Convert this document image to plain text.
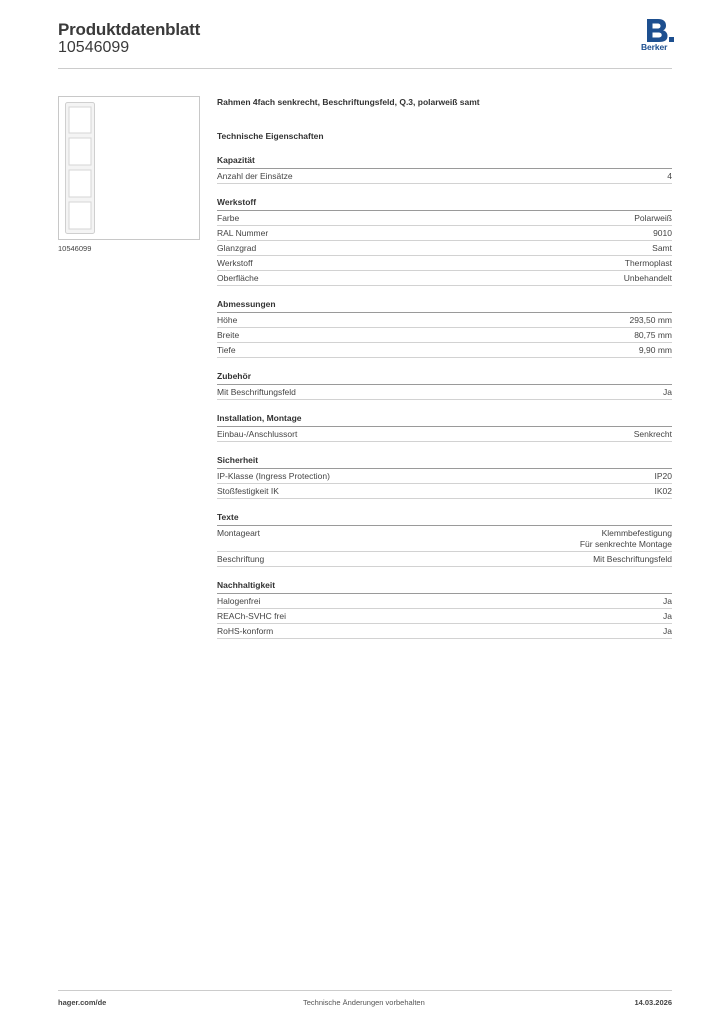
Produktdatenblatt
10546099	Berker
10546099
Rahmen 4fach senkrecht, Beschriftungsfeld, Q.3, polarweiß samt
Technische Eigenschaften
Kapazität
Anzahl der Einsätze	4
Werkstoff
Farbe	Polarweiß
RAL Nummer	9010
Glanzgrad	Samt
Werkstoff	Thermoplast
Oberfläche	Unbehandelt
Abmessungen
Höhe	293,50 mm
Breite	80,75 mm
Tiefe	9,90 mm
Zubehör
Mit Beschriftungsfeld	Ja
Installation, Montage
Einbau-/Anschlussort	Senkrecht
Sicherheit
IP-Klasse (Ingress Protection)	IP20
Stoßfestigkeit IK	IK02
Texte
Montageart	Klemmbefestigung
Für senkrechte Montage
Beschriftung	Mit Beschriftungsfeld
Nachhaltigkeit
Halogenfrei	Ja
REACh-SVHC frei	Ja
RoHS-konform	Ja
hager.com/de	Technische Änderungen vorbehalten	14.03.2026
